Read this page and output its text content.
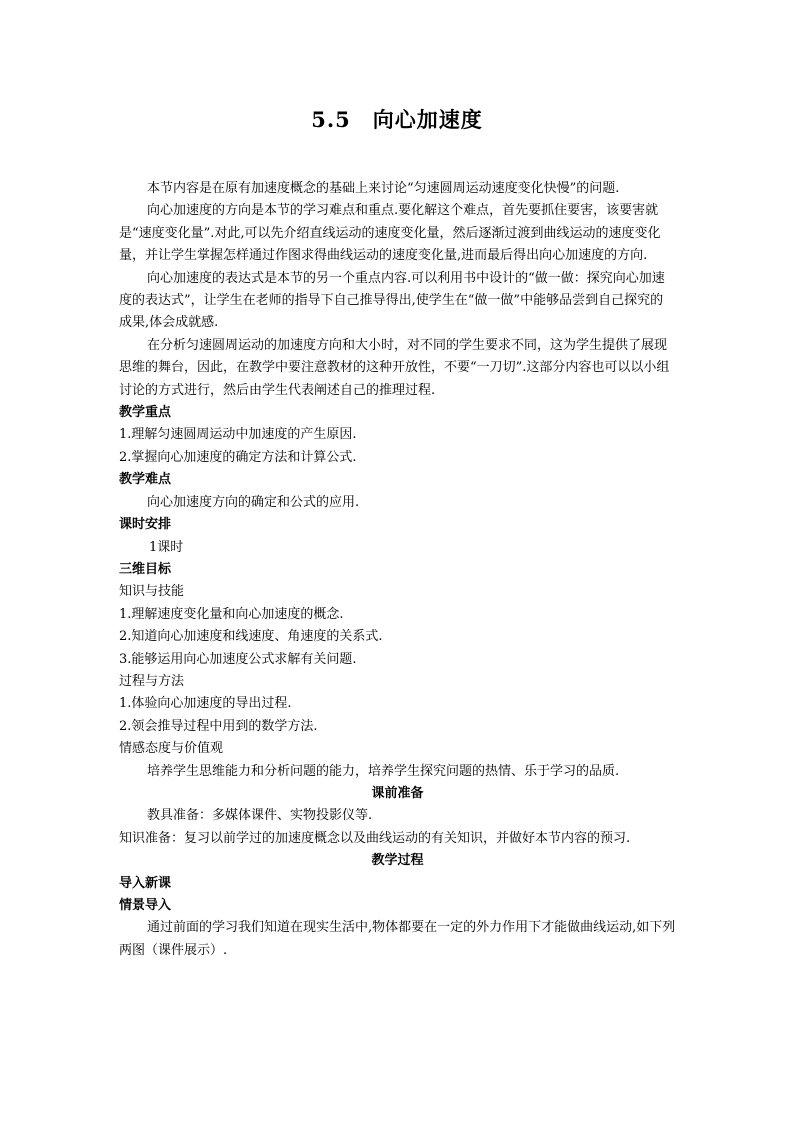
5.5　向心加速度

本节内容是在原有加速度概念的基础上来讨论“匀速圆周运动速度变化快慢”的问题.

向心加速度的方向是本节的学习难点和重点.要化解这个难点，首先要抓住要害，该要害就是“速度变化量”.对此,可以先介绍直线运动的速度变化量，然后逐渐过渡到曲线运动的速度变化量，并让学生掌握怎样通过作图求得曲线运动的速度变化量,进而最后得出向心加速度的方向.

向心加速度的表达式是本节的另一个重点内容.可以利用书中设计的“做一做：探究向心加速度的表达式”，让学生在老师的指导下自己推导得出,使学生在“做一做”中能够品尝到自己探究的成果,体会成就感.

在分析匀速圆周运动的加速度方向和大小时，对不同的学生要求不同，这为学生提供了展现思维的舞台，因此，在教学中要注意教材的这种开放性，不要“一刀切”.这部分内容也可以以小组讨论的方式进行，然后由学生代表阐述自己的推理过程.

教学重点

1.理解匀速圆周运动中加速度的产生原因.

2.掌握向心加速度的确定方法和计算公式.

教学难点

向心加速度方向的确定和公式的应用.

课时安排

1课时

三维目标

知识与技能

1.理解速度变化量和向心加速度的概念.

2.知道向心加速度和线速度、角速度的关系式.

3.能够运用向心加速度公式求解有关问题.

过程与方法

1.体验向心加速度的导出过程.

2.领会推导过程中用到的数学方法.

情感态度与价值观

培养学生思维能力和分析问题的能力，培养学生探究问题的热情、乐于学习的品质.

课前准备

教具准备：多媒体课件、实物投影仪等.

知识准备：复习以前学过的加速度概念以及曲线运动的有关知识，并做好本节内容的预习.

教学过程

导入新课

情景导入

通过前面的学习我们知道在现实生活中,物体都要在一定的外力作用下才能做曲线运动,如下列两图（课件展示）.
